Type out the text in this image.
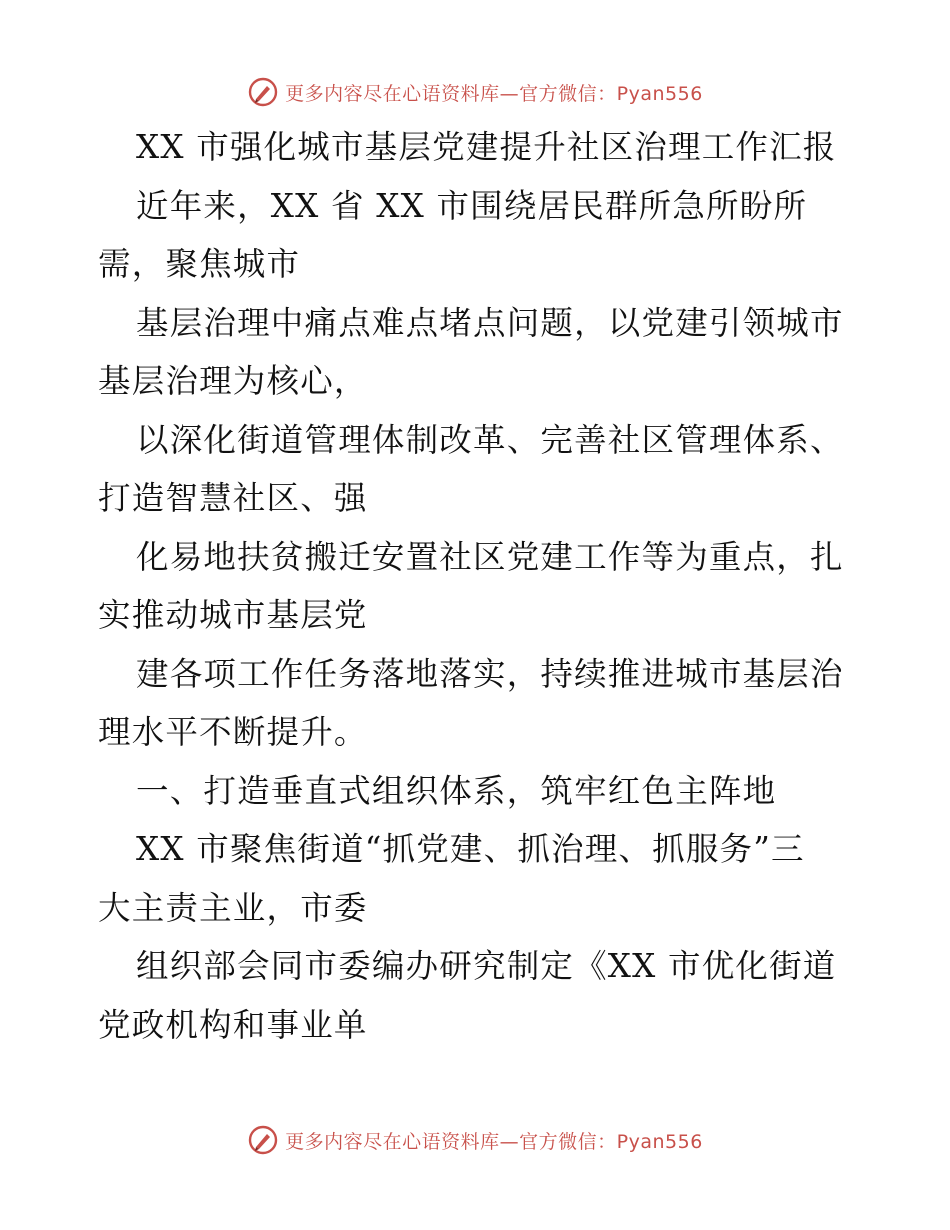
更多内容尽在心语资料库—官方微信：Pyan556
XX 市强化城市基层党建提升社区治理工作汇报
近年来，XX 省 XX 市围绕居民群所急所盼所
需，聚焦城市
基层治理中痛点难点堵点问题，以党建引领城市
基层治理为核心，
以深化街道管理体制改革、完善社区管理体系、
打造智慧社区、强
化易地扶贫搬迁安置社区党建工作等为重点，扎
实推动城市基层党
建各项工作任务落地落实，持续推进城市基层治
理水平不断提升。
一、打造垂直式组织体系，筑牢红色主阵地
XX 市聚焦街道“抓党建、抓治理、抓服务”三
大主责主业，市委
组织部会同市委编办研究制定《XX 市优化街道
党政机构和事业单
更多内容尽在心语资料库—官方微信：Pyan556
